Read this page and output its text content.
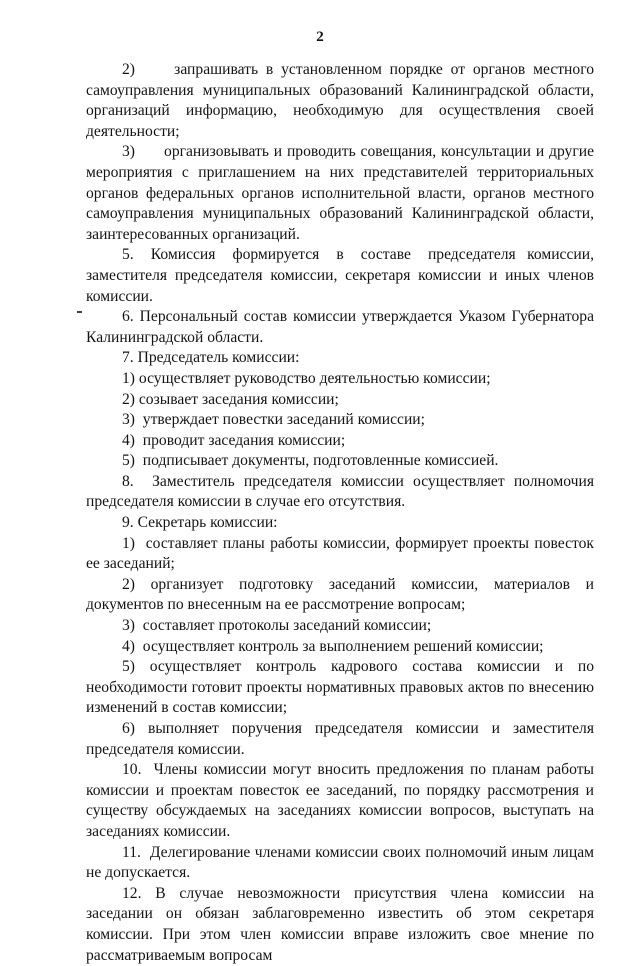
2

2)     запрашивать в установленном порядке от органов местного самоуправления муниципальных образований Калининградской области, организаций информацию, необходимую для осуществления своей деятельности;

3)      организовывать и проводить совещания, консультации и другие мероприятия с приглашением на них представителей территориальных органов федеральных органов исполнительной власти, органов местного самоуправления муниципальных образований Калининградской области, заинтересованных организаций.

5.   Комиссия   формируется   в   составе   председателя  комиссии, заместителя председателя комиссии, секретаря комиссии и иных членов комиссии.

6. Персональный состав комиссии утверждается Указом Губернатора Калининградской области.

7. Председатель комиссии:

1) осуществляет руководство деятельностью комиссии;

2) созывает заседания комиссии;

3)  утверждает повестки заседаний комиссии;

4)  проводит заседания комиссии;

5)  подписывает документы, подготовленные комиссией.

8.  Заместитель председателя комиссии осуществляет полномочия председателя комиссии в случае его отсутствия.

9. Секретарь комиссии:

1)  составляет планы работы комиссии, формирует проекты повесток ее заседаний;

2)   организует   подготовку   заседаний   комиссии,   материалов   и документов по внесенным на ее рассмотрение вопросам;

3)  составляет протоколы заседаний комиссии;

4)  осуществляет контроль за выполнением решений комиссии;

5)   осуществляет   контроль   кадрового   состава   комиссии   и   по необходимости готовит проекты нормативных правовых актов по внесению изменений в состав комиссии;

6)   выполняет   поручения   председателя   комиссии   и   заместителя председателя комиссии.

10.  Члены комиссии могут вносить предложения по планам работы комиссии и проектам повесток ее заседаний, по порядку рассмотрения и существу обсуждаемых на заседаниях комиссии вопросов, выступать на заседаниях комиссии.

11.  Делегирование членами комиссии своих полномочий иным лицам не допускается.

12. В случае невозможности присутствия члена комиссии на заседании он обязан заблаговременно известить об этом секретаря комиссии. При этом член комиссии вправе изложить свое мнение по рассматриваемым вопросам
